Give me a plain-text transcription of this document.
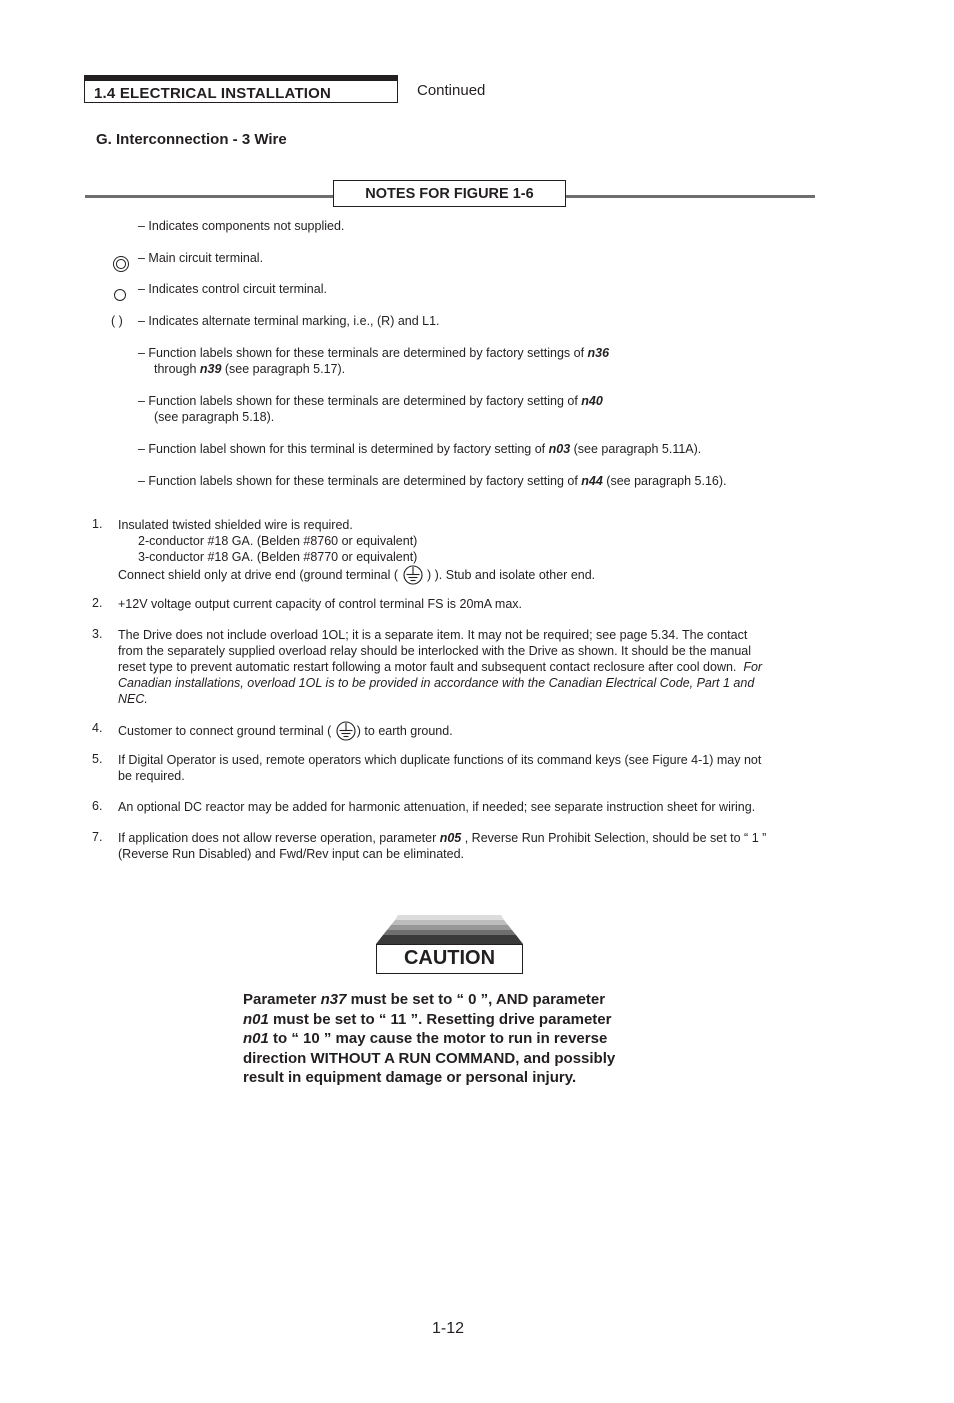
1.4 ELECTRICAL INSTALLATION	Continued
G. Interconnection - 3 Wire
NOTES FOR FIGURE 1-6
– Indicates components not supplied.
– Main circuit terminal.
– Indicates control circuit terminal.
( ) – Indicates alternate terminal marking, i.e., (R) and L1.
– Function labels shown for these terminals are determined by factory settings of n36
through n39 (see paragraph 5.17).
– Function labels shown for these terminals are determined by factory setting of n40
(see paragraph 5.18).
– Function label shown for this terminal is determined by factory setting of n03 (see paragraph 5.11A).
– Function labels shown for these terminals are determined by factory setting of n44 (see paragraph 5.16).
1. Insulated twisted shielded wire is required.
2-conductor #18 GA. (Belden #8760 or equivalent)
3-conductor #18 GA. (Belden #8770 or equivalent)
Connect shield only at drive end (ground terminal ( ) ). Stub and isolate other end.
2. +12V voltage output current capacity of control terminal FS is 20mA max.
3. The Drive does not include overload 1OL; it is a separate item. It may not be required; see page 5.34. The contact
from the separately supplied overload relay should be interlocked with the Drive as shown. It should be the manual
reset type to prevent automatic restart following a motor fault and subsequent contact reclosure after cool down. For
Canadian installations, overload 1OL is to be provided in accordance with the Canadian Electrical Code, Part 1 and
NEC.
4. Customer to connect ground terminal ( ) to earth ground.
5. If Digital Operator is used, remote operators which duplicate functions of its command keys (see Figure 4-1) may not
be required.
6. An optional DC reactor may be added for harmonic attenuation, if needed; see separate instruction sheet for wiring.
7. If application does not allow reverse operation, parameter n05 , Reverse Run Prohibit Selection, should be set to “ 1 ”
(Reverse Run Disabled) and Fwd/Rev input can be eliminated.
CAUTION
Parameter n37 must be set to “ 0 ”, AND parameter
n01 must be set to “ 11 ”. Resetting drive parameter
n01 to “ 10 ” may cause the motor to run in reverse
direction WITHOUT A RUN COMMAND, and possibly
result in equipment damage or personal injury.
1-12
